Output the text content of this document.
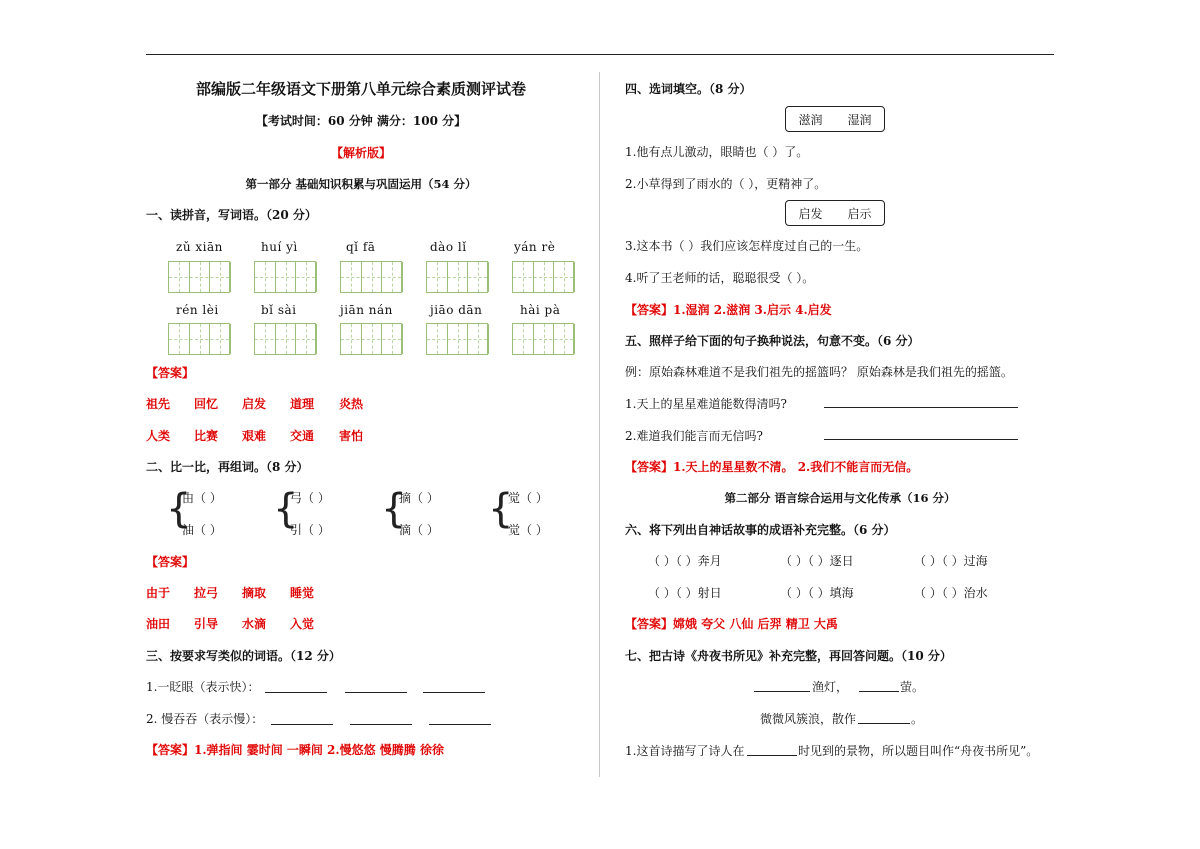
部编版二年级语文下册第八单元综合素质测评试卷
【考试时间：60 分钟 满分：100 分】
【解析版】
第一部分 基础知识积累与巩固运用（54 分）
一、读拼音，写词语。（20 分）
zǔ xiān	huí yì	qǐ fā	dào lǐ	yán rè
rén lèi	bǐ sài	jiān nán	jiāo dān	hài pà
【答案】
祖先 回忆 启发 道理 炎热
人类 比赛 艰难 交通 害怕
二、比一比，再组词。（8 分）
{
由（ ）
油（ ） {
弓（ ）
引（ ） {
摘（ ）
滴（ ） {
觉（ ）
觉（ ）
【答案】
由于 拉弓 摘取 睡觉
油田 引导 水滴 入觉
三、按要求写类似的词语。（12 分）
1.一眨眼（表示快）：
2. 慢吞吞（表示慢）：
【答案】1.弹指间 霎时间 一瞬间 2.慢悠悠 慢腾腾 徐徐
四、选词填空。（8 分）
滋润 湿润
1.他有点儿激动，眼睛也（ ）了。
2.小草得到了雨水的（ ），更精神了。
启发 启示
3.这本书（ ）我们应该怎样度过自己的一生。
4.听了王老师的话，聪聪很受（ ）。
【答案】1.湿润 2.滋润 3.启示 4.启发
五、照样子给下面的句子换种说法，句意不变。（6 分）
例：原始森林难道不是我们祖先的摇篮吗？ 原始森林是我们祖先的摇篮。
1.天上的星星难道能数得清吗?
2.难道我们能言而无信吗?
【答案】1.天上的星星数不清。 2.我们不能言而无信。
第二部分 语言综合运用与文化传承（16 分）
六、将下列出自神话故事的成语补充完整。（6 分）
（ ）（ ）奔月	（ ）（ ）逐日	（ ）（ ）过海
（ ）（ ）射日	（ ）（ ）填海	（ ）（ ）治水
【答案】嫦娥 夸父 八仙 后羿 精卫 大禹
七、把古诗《舟夜书所见》补充完整，再回答问题。（10 分）
渔灯，	萤。
微微风簇浪，散作	。
1.这首诗描写了诗人在	时见到的景物，所以题目叫作“舟夜书所见”。
